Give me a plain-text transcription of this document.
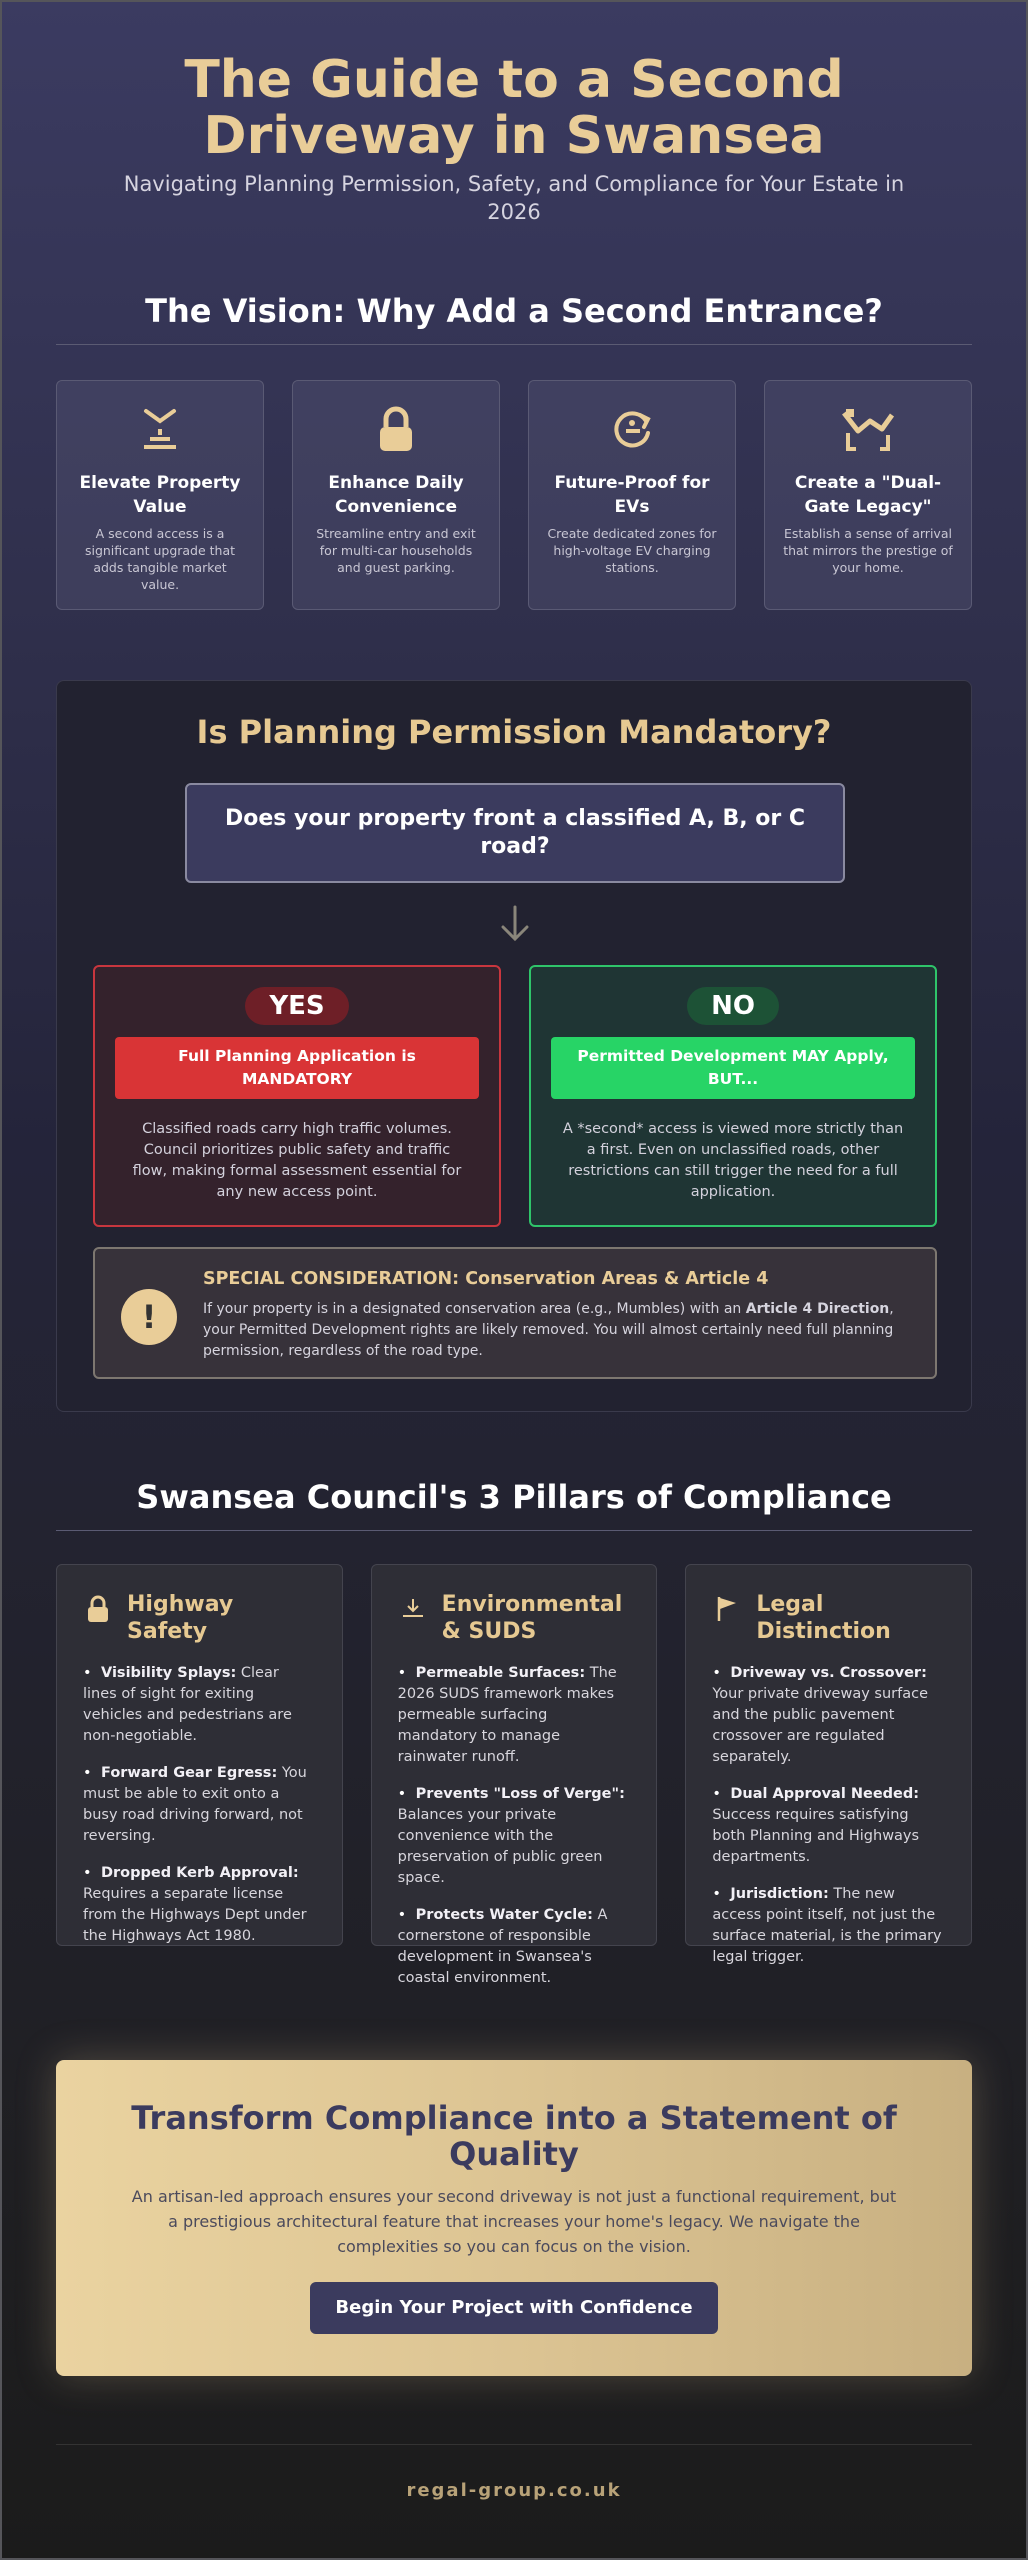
The Guide to a Second Driveway in Swansea

Navigating Planning Permission, Safety, and Compliance for Your Estate in 2026

The Vision: Why Add a Second Entrance?
Elevate Property Value

A second access is a significant upgrade that adds tangible market value.

Enhance Daily Convenience

Streamline entry and exit for multi-car households and guest parking.

Future-Proof for EVs

Create dedicated zones for high-voltage EV charging stations.

Create a "Dual-Gate Legacy"

Establish a sense of arrival that mirrors the prestige of your home.

Is Planning Permission Mandatory?
Does your property front a classified A, B, or C road?
YES
Full Planning Application is MANDATORY

Classified roads carry high traffic volumes. Council prioritizes public safety and traffic flow, making formal assessment essential for any new access point.

NO
Permitted Development MAY Apply, BUT...

A *second* access is viewed more strictly than a first. Even on unclassified roads, other restrictions can still trigger the need for a full application.

!
SPECIAL CONSIDERATION: Conservation Areas & Article 4

If your property is in a designated conservation area (e.g., Mumbles) with an Article 4 Direction, your Permitted Development rights are likely removed. You will almost certainly need full planning permission, regardless of the road type.

Swansea Council's 3 Pillars of Compliance
Highway Safety
• Visibility Splays: Clear lines of sight for exiting vehicles and pedestrians are non-negotiable.
• Forward Gear Egress: You must be able to exit onto a busy road driving forward, not reversing.
• Dropped Kerb Approval: Requires a separate license from the Highways Dept under the Highways Act 1980.
Environmental & SUDS
• Permeable Surfaces: The 2026 SUDS framework makes permeable surfacing mandatory to manage rainwater runoff.
• Prevents "Loss of Verge": Balances your private convenience with the preservation of public green space.
• Protects Water Cycle: A cornerstone of responsible development in Swansea's coastal environment.
Legal Distinction
• Driveway vs. Crossover: Your private driveway surface and the public pavement crossover are regulated separately.
• Dual Approval Needed: Success requires satisfying both Planning and Highways departments.
• Jurisdiction: The new access point itself, not just the surface material, is the primary legal trigger.
Transform Compliance into a Statement of Quality

An artisan-led approach ensures your second driveway is not just a functional requirement, but a prestigious architectural feature that increases your home's legacy. We navigate the complexities so you can focus on the vision.

Begin Your Project with Confidence
regal-group.co.uk
